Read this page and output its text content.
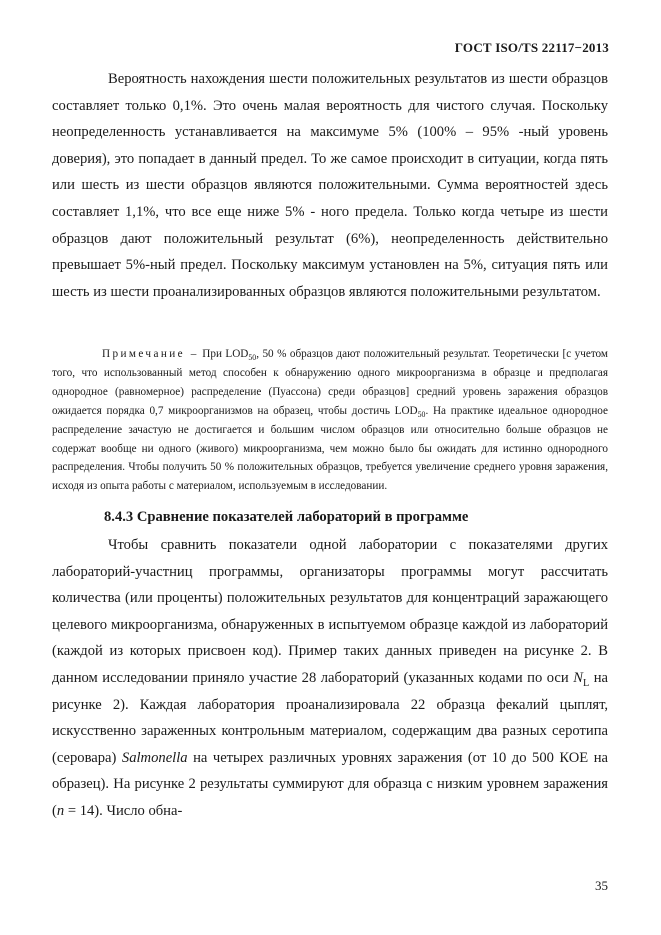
ГОСТ ISO/TS 22117−2013

Вероятность нахождения шести положительных результатов из шести образцов составляет только 0,1%. Это очень малая вероятность для чистого случая. Поскольку неопределенность устанавливается на максимуме 5% (100% – 95% -ный уровень доверия), это попадает в данный предел. То же самое происходит в ситуации, когда пять или шесть из шести образцов являются положительными. Сумма вероятностей здесь составляет 1,1%, что все еще ниже 5% - ного предела. Только когда четыре из шести образцов дают положительный результат (6%), неопределенность действительно превышает 5%-ный предел. Поскольку максимум установлен на 5%, ситуация пять или шесть из шести проанализированных образцов являются положительными результатом.

Примечание – При $LOD_{50}$, 50 % образцов дают положительный результат. Теоретически [с учетом того, что использованный метод способен к обнаружению одного микроорганизма в образце и предполагая однородное (равномерное) распределение (Пуассона) среди образцов] средний уровень заражения образцов ожидается порядка 0,7 микроорганизмов на образец, чтобы достичь $LOD_{50}$. На практике идеальное однородное распределение зачастую не достигается и большим числом образцов или относительно больше образцов не содержат вообще ни одного (живого) микроорганизма, чем можно было бы ожидать для истинно однородного распределения. Чтобы получить 50 % положительных образцов, требуется увеличение среднего уровня заражения, исходя из опыта работы с материалом, используемым в исследовании.

8.4.3 Сравнение показателей лабораторий в программе

Чтобы сравнить показатели одной лаборатории с показателями других лабораторий-участниц программы, организаторы программы могут рассчитать количества (или проценты) положительных результатов для концентраций заражающего целевого микроорганизма, обнаруженных в испытуемом образце каждой из лабораторий (каждой из которых присвоен код). Пример таких данных приведен на рисунке 2. В данном исследовании приняло участие 28 лабораторий (указанных кодами по оси $N_L$ на рисунке 2). Каждая лаборатория проанализировала 22 образца фекалий цыплят, искусственно зараженных контрольным материалом, содержащим два разных серотипа (серовара) Salmonella на четырех различных уровнях заражения (от 10 до 500 КОЕ на образец). На рисунке 2 результаты суммируют для образца с низким уровнем заражения (n = 14). Число обна-

35
